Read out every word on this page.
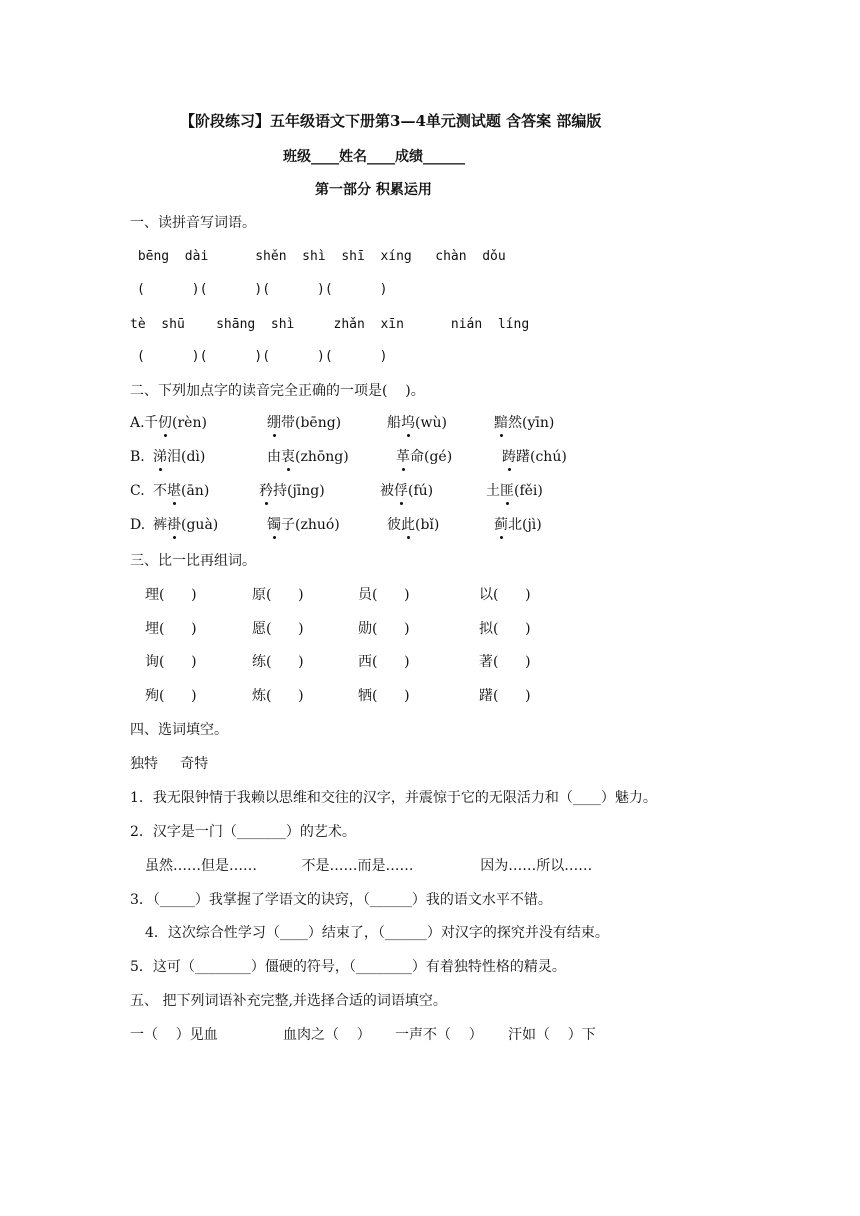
【阶段练习】五年级语文下册第3—4单元测试题 含答案 部编版
班级____姓名____成绩______
第一部分 积累运用
一、读拼音写词语。
bēng  dài      shěn  shì  shī  xíng   chàn  dǒu
(      )(      )(      )(      )
tè  shū    shāng  shì     zhǎn  xīn      nián  líng
(      )(      )(      )(      )
二、下列加点字的读音完全正确的一项是(    )。
A. 千仞(rèn)	绷带(bēng)	船坞(wù)	黯然(yīn)
B. 涕泪(dì)	由衷(zhōng)	革命(gé)	踌躇(chú)
C. 不堪(ān)	矜持(jīng)	被俘(fú)	土匪(fěi)
D. 裤褂(guà)	镯子(zhuó)	彼此(bǐ)	蓟北(jì)
三、比一比再组词。
理(      )	原(      )	员(      )	以(      )
埋(      )	愿(      )	勋(      )	拟(      )
询(      )	练(      )	西(      )	著(      )
殉(      )	炼(      )	牺(      )	躇(      )
四、选词填空。
独特     奇特
1．我无限钟情于我赖以思维和交往的汉字，并震惊于它的无限活力和（____）魅力。
2．汉字是一门（_______）的艺术。
虽然……但是……          不是……而是……               因为……所以……
3．（_____）我掌握了学语文的诀窍，（______）我的语文水平不错。
4．这次综合性学习（____）结束了，（______）对汉字的探究并没有结束。
5．这可（________）僵硬的符号，（________）有着独特性格的精灵。
五、 把下列词语补充完整,并选择合适的词语填空。
一（    ）见血	血肉之（    ） 一声不（    ） 汗如（    ）下
